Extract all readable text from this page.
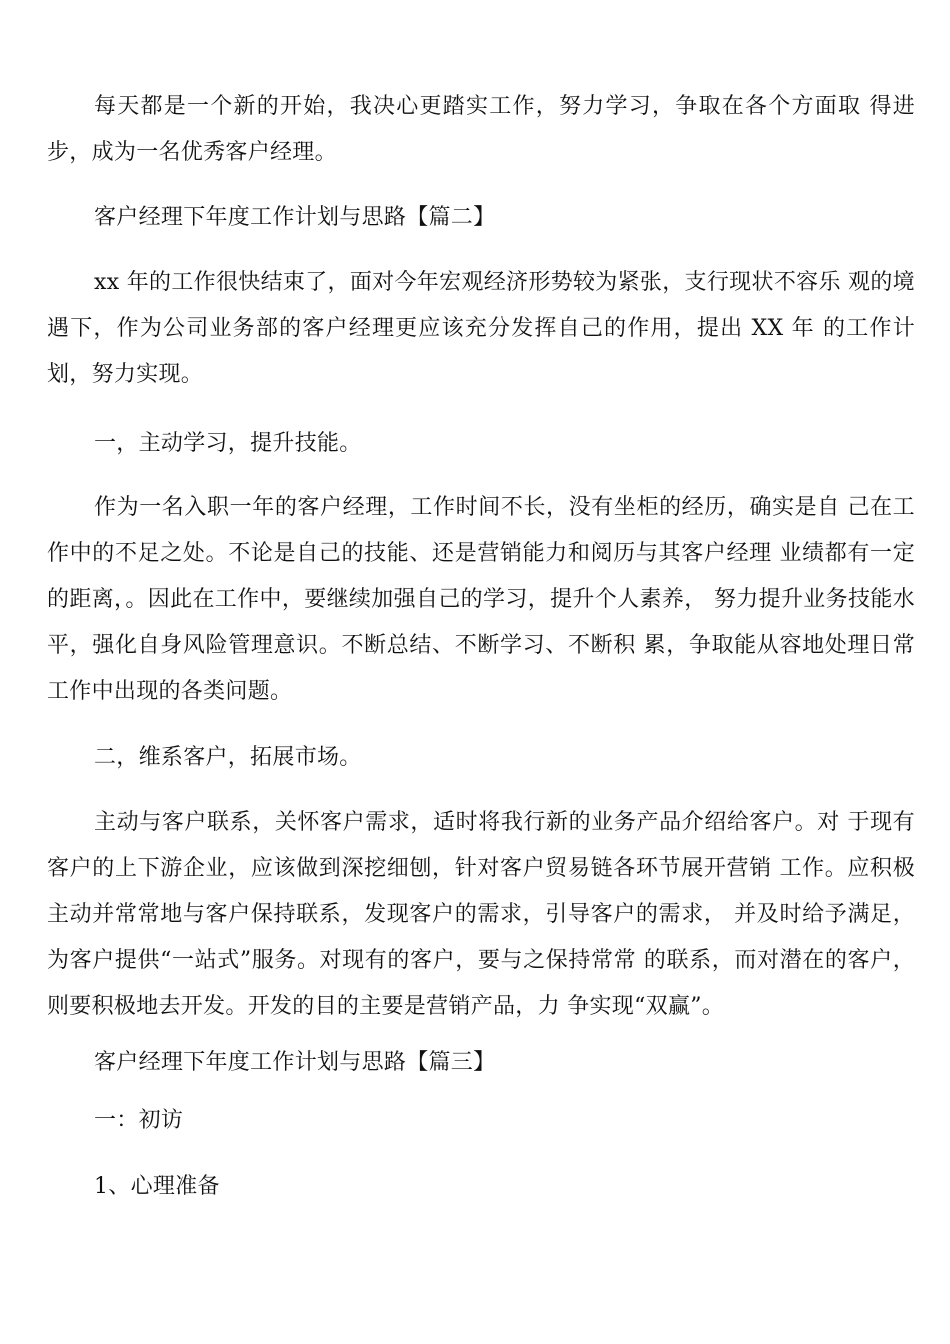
每天都是一个新的开始，我决心更踏实工作，努力学习，争取在各个方面取 得进步，成为一名优秀客户经理。

客户经理下年度工作计划与思路【篇二】

xx 年的工作很快结束了，面对今年宏观经济形势较为紧张，支行现状不容乐 观的境遇下，作为公司业务部的客户经理更应该充分发挥自己的作用，提出 XX 年 的工作计划，努力实现。

一，主动学习，提升技能。

作为一名入职一年的客户经理，工作时间不长，没有坐柜的经历，确实是自 己在工作中的不足之处。不论是自己的技能、还是营销能力和阅历与其客户经理 业绩都有一定的距离，。因此在工作中，要继续加强自己的学习，提升个人素养， 努力提升业务技能水平，强化自身风险管理意识。不断总结、不断学习、不断积 累，争取能从容地处理日常工作中出现的各类问题。

二，维系客户，拓展市场。

主动与客户联系，关怀客户需求，适时将我行新的业务产品介绍给客户。对 于现有客户的上下游企业，应该做到深挖细刨，针对客户贸易链各环节展开营销 工作。应积极主动并常常地与客户保持联系，发现客户的需求，引导客户的需求， 并及时给予满足，为客户提供“一站式”服务。对现有的客户，要与之保持常常 的联系，而对潜在的客户，则要积极地去开发。开发的目的主要是营销产品，力 争实现“双赢”。

客户经理下年度工作计划与思路【篇三】

一：初访

1、心理准备
